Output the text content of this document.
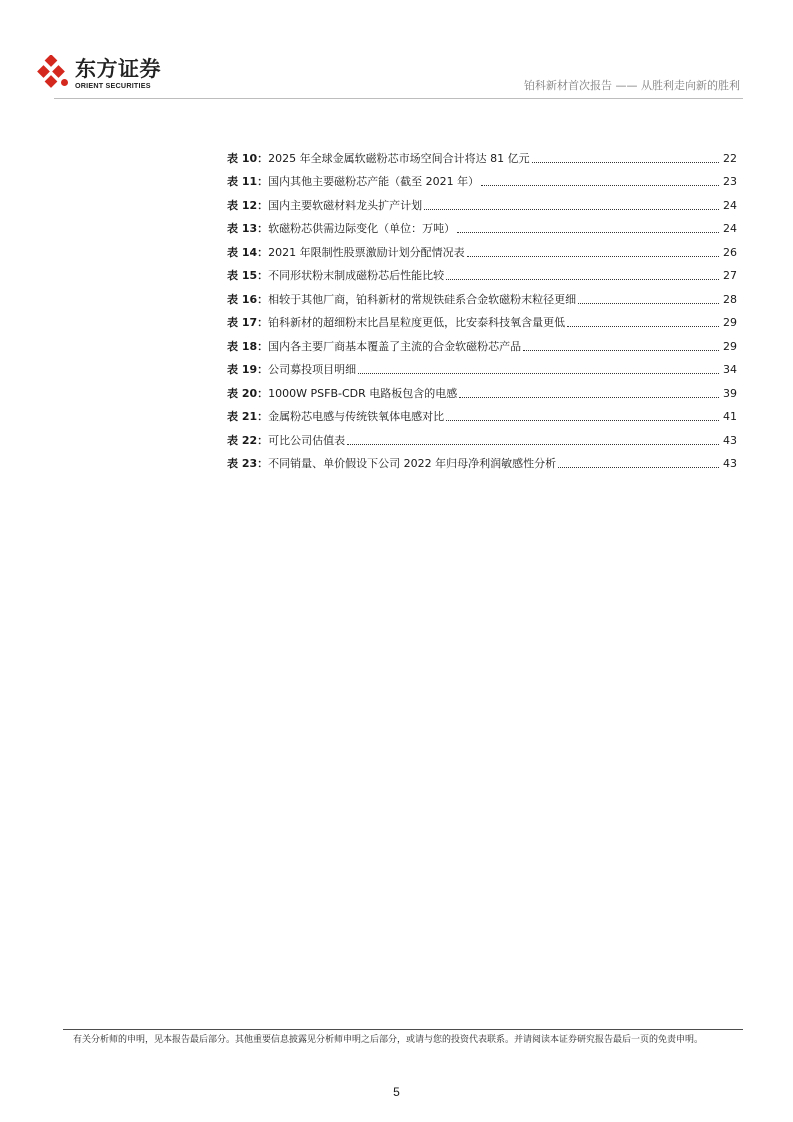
东方证券
ORIENT SECURITIES	铂科新材首次报告 —— 从胜利走向新的胜利
表 10： 2025 年全球金属软磁粉芯市场空间合计将达 81 亿元	22
表 11： 国内其他主要磁粉芯产能（截至 2021 年）	23
表 12： 国内主要软磁材料龙头扩产计划	24
表 13： 软磁粉芯供需边际变化（单位：万吨）	24
表 14： 2021 年限制性股票激励计划分配情况表	26
表 15： 不同形状粉末制成磁粉芯后性能比较	27
表 16： 相较于其他厂商，铂科新材的常规铁硅系合金软磁粉末粒径更细	28
表 17： 铂科新材的超细粉末比昌星粒度更低，比安泰科技氧含量更低	29
表 18： 国内各主要厂商基本覆盖了主流的合金软磁粉芯产品	29
表 19： 公司募投项目明细	34
表 20： 1000W PSFB-CDR 电路板包含的电感	39
表 21： 金属粉芯电感与传统铁氧体电感对比	41
表 22： 可比公司估值表	43
表 23： 不同销量、单价假设下公司 2022 年归母净利润敏感性分析	43
有关分析师的申明，见本报告最后部分。其他重要信息披露见分析师申明之后部分，或请与您的投资代表联系。并请阅读本证券研究报告最后一页的免责申明。
5
